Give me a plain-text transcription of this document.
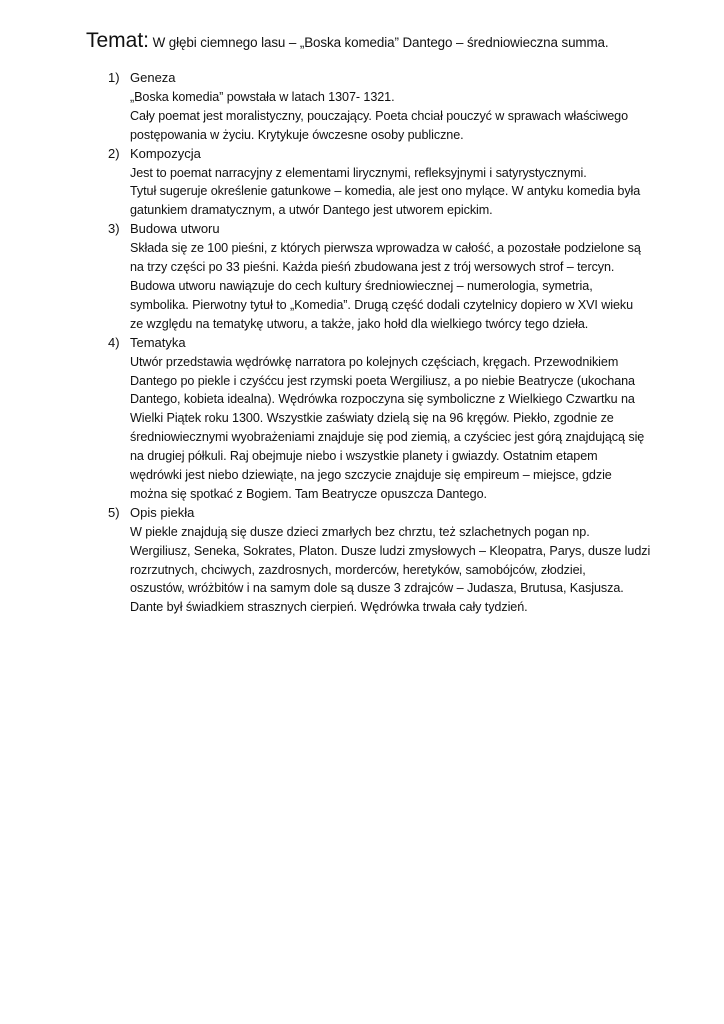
Temat: W głębi ciemnego lasu – „Boska komedia” Dantego – średniowieczna summa.
1) Geneza
„Boska komedia” powstała w latach 1307- 1321.
Cały poemat jest moralistyczny, pouczający. Poeta chciał pouczyć w sprawach właściwego
postępowania w życiu. Krytykuje ówczesne osoby publiczne.
2) Kompozycja
Jest to poemat narracyjny z elementami lirycznymi, refleksyjnymi i satyrystycznymi.
Tytuł sugeruje określenie gatunkowe – komedia, ale jest ono mylące. W antyku komedia była
gatunkiem dramatycznym, a utwór Dantego jest utworem epickim.
3) Budowa utworu
Składa się ze 100 pieśni, z których pierwsza wprowadza w całość, a pozostałe podzielone są
na trzy części po 33 pieśni. Każda pieśń zbudowana jest z trój wersowych strof – tercyn.
Budowa utworu nawiązuje do cech kultury średniowiecznej – numerologia, symetria,
symbolika. Pierwotny tytuł to „Komedia”. Drugą część dodali czytelnicy dopiero w XVI wieku
ze względu na tematykę utworu, a także, jako hołd dla wielkiego twórcy tego dzieła.
4) Tematyka
Utwór przedstawia wędrówkę narratora po kolejnych częściach, kręgach. Przewodnikiem
Dantego po piekle i czyśćcu jest rzymski poeta Wergiliusz, a po niebie Beatrycze (ukochana
Dantego, kobieta idealna). Wędrówka rozpoczyna się symboliczne z Wielkiego Czwartku na
Wielki Piątek roku 1300. Wszystkie zaświaty dzielą się na 96 kręgów. Piekło, zgodnie ze
średniowiecznymi wyobrażeniami znajduje się pod ziemią, a czyściec jest górą znajdującą się
na drugiej półkuli. Raj obejmuje niebo i wszystkie planety i gwiazdy. Ostatnim etapem
wędrówki jest niebo dziewiąte, na jego szczycie znajduje się empireum – miejsce, gdzie
można się spotkać z Bogiem. Tam Beatrycze opuszcza Dantego.
5) Opis piekła
W piekle znajdują się dusze dzieci zmarłych bez chrztu, też szlachetnych pogan np.
Wergiliusz, Seneka, Sokrates, Platon. Dusze ludzi zmysłowych – Kleopatra, Parys, dusze ludzi
rozrzutnych, chciwych, zazdrosnych, morderców, heretyków, samobójców, złodziei,
oszustów, wróżbitów i na samym dole są dusze 3 zdrajców – Judasza, Brutusa, Kasjusza.
Dante był świadkiem strasznych cierpień. Wędrówka trwała cały tydzień.
